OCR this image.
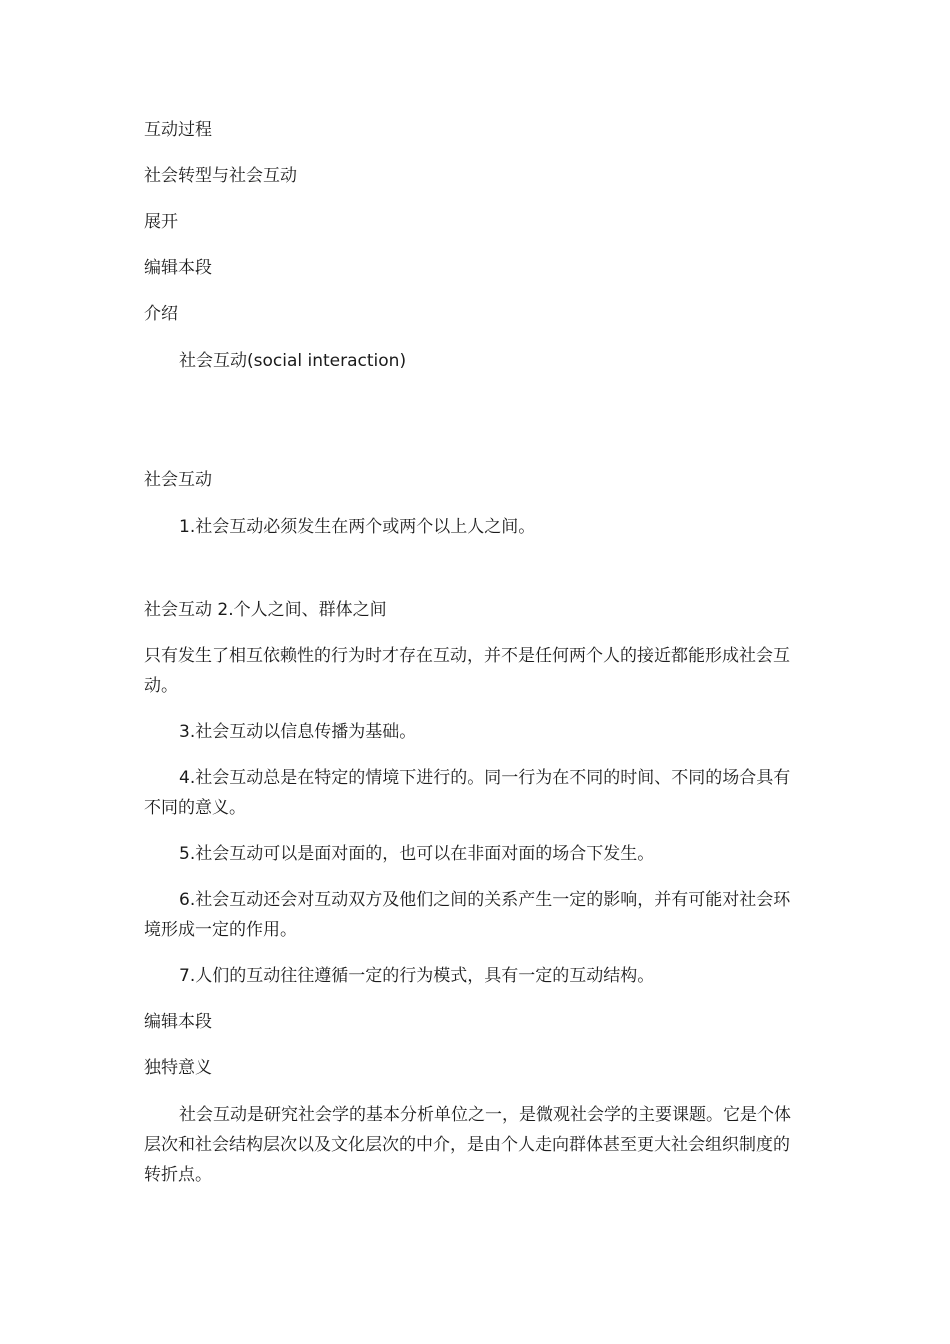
互动过程

社会转型与社会互动

展开

编辑本段

介绍

社会互动(social interaction)

社会互动

1.社会互动必须发生在两个或两个以上人之间。

社会互动 2.个人之间、群体之间

只有发生了相互依赖性的行为时才存在互动，并不是任何两个人的接近都能形成社会互动。

3.社会互动以信息传播为基础。

4.社会互动总是在特定的情境下进行的。同一行为在不同的时间、不同的场合具有不同的意义。

5.社会互动可以是面对面的，也可以在非面对面的场合下发生。

6.社会互动还会对互动双方及他们之间的关系产生一定的影响，并有可能对社会环境形成一定的作用。

7.人们的互动往往遵循一定的行为模式，具有一定的互动结构。

编辑本段

独特意义

社会互动是研究社会学的基本分析单位之一，是微观社会学的主要课题。它是个体层次和社会结构层次以及文化层次的中介，是由个人走向群体甚至更大社会组织制度的转折点。
